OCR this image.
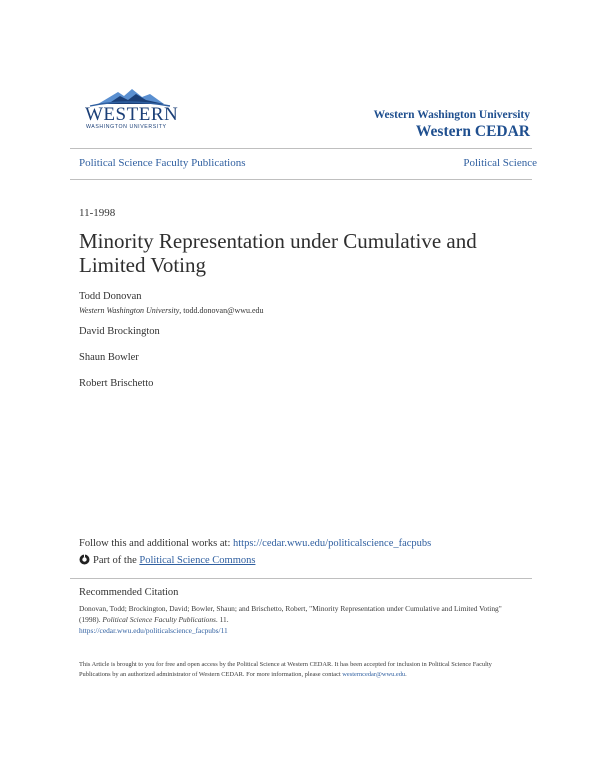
WESTERN
WASHINGTON UNIVERSITY
Western Washington University
Western CEDAR
Political Science Faculty Publications	Political Science
11-1998
Minority Representation under Cumulative and Limited Voting
Todd Donovan
Western Washington University, todd.donovan@wwu.edu
David Brockington
Shaun Bowler
Robert Brischetto
Follow this and additional works at: https://cedar.wwu.edu/politicalscience_facpubs
Part of the Political Science Commons
Recommended Citation
Donovan, Todd; Brockington, David; Bowler, Shaun; and Brischetto, Robert, "Minority Representation under Cumulative and Limited Voting" (1998). Political Science Faculty Publications. 11.
https://cedar.wwu.edu/politicalscience_facpubs/11
This Article is brought to you for free and open access by the Political Science at Western CEDAR. It has been accepted for inclusion in Political Science Faculty Publications by an authorized administrator of Western CEDAR. For more information, please contact westerncedar@wwu.edu.
